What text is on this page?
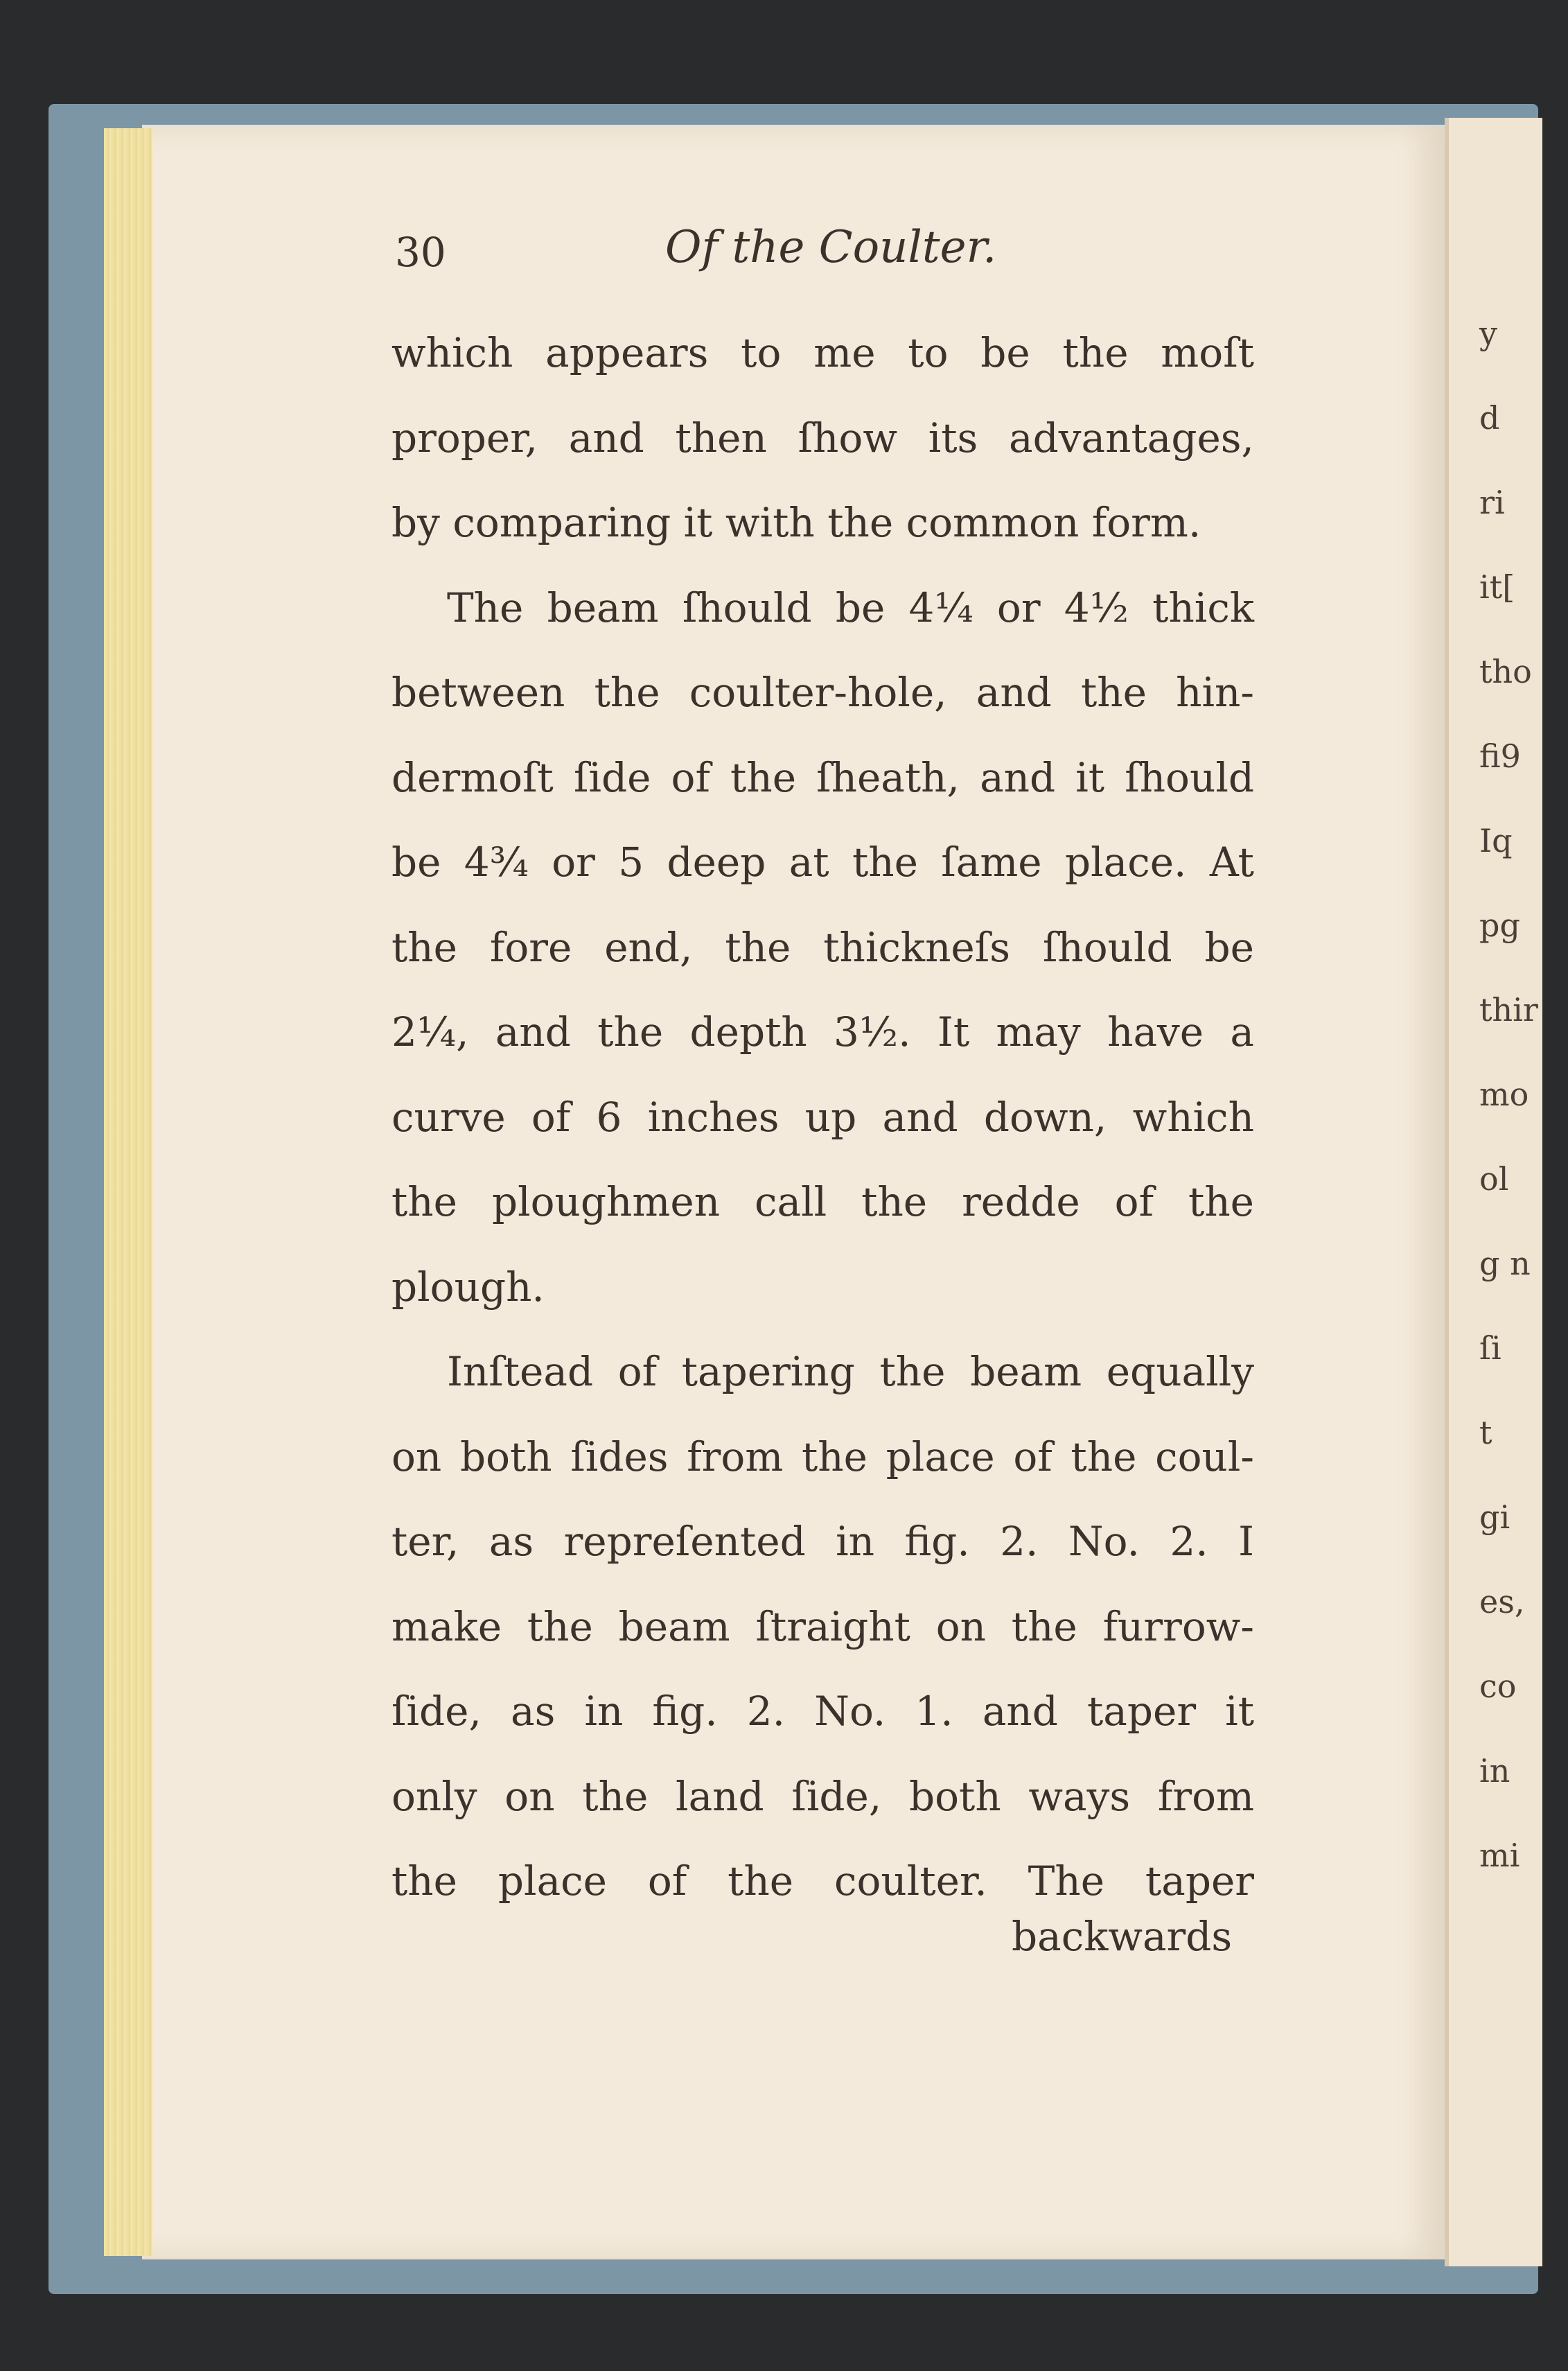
y
d
ri
it[
tho
fi9
Iq
pg
thir
mo
ol
g n
ſi
t
gi
es,
co
in
mi
30	Of the Coulter.
which appears to me to be the moſt
proper, and then ſhow its advantages,
by comparing it with the common form.
The beam ſhould be 4¼ or 4½ thick
between the coulter-hole, and the hin-
dermoſt ſide of the ſheath, and it ſhould
be 4¾ or 5 deep at the ſame place. At
the fore end, the thickneſs ſhould be
2¼, and the depth 3½. It may have a
curve of 6 inches up and down, which
the ploughmen call the redde of the
plough.
Inſtead of tapering the beam equally
on both ſides from the place of the coul-
ter, as repreſented in fig. 2. No. 2. I
make the beam ſtraight on the furrow-
ſide, as in fig. 2. No. 1. and taper it
only on the land ſide, both ways from
the place of the coulter. The taper
backwards
